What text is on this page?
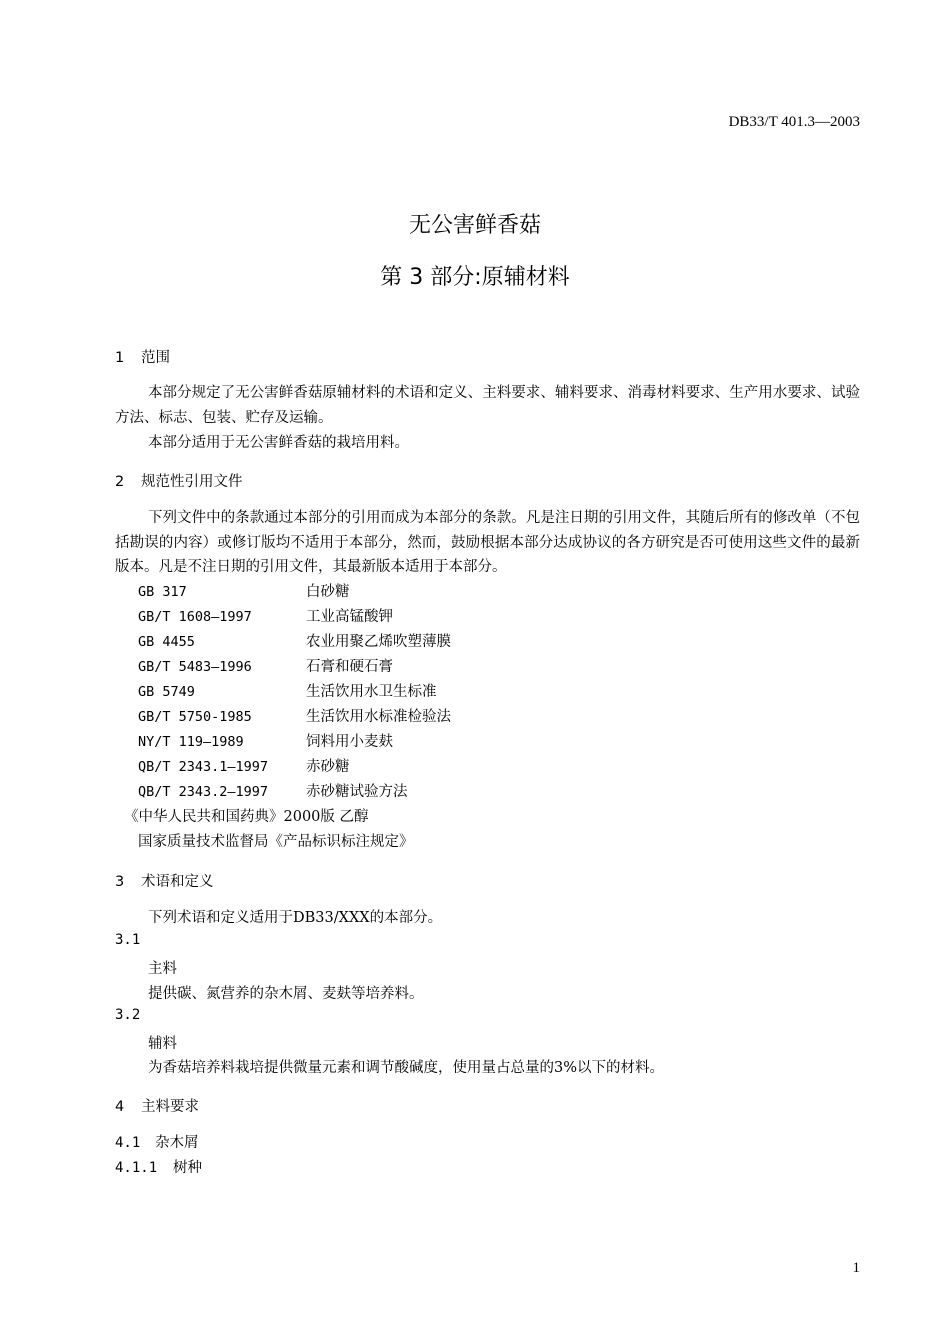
DB33/T 401.3—2003
无公害鲜香菇
第 3 部分:原辅材料
1 范围
本部分规定了无公害鲜香菇原辅材料的术语和定义、主料要求、辅料要求、消毒材料要求、生产用水要求、试验方法、标志、包装、贮存及运输。
本部分适用于无公害鲜香菇的栽培用料。
2 规范性引用文件
下列文件中的条款通过本部分的引用而成为本部分的条款。凡是注日期的引用文件，其随后所有的修改单（不包括勘误的内容）或修订版均不适用于本部分，然而，鼓励根据本部分达成协议的各方研究是否可使用这些文件的最新版本。凡是不注日期的引用文件，其最新版本适用于本部分。
GB 317	白砂糖
GB/T 1608—1997	工业高锰酸钾
GB 4455	农业用聚乙烯吹塑薄膜
GB/T 5483—1996	石膏和硬石膏
GB 5749	生活饮用水卫生标准
GB/T 5750-1985	生活饮用水标准检验法
NY/T 119—1989	饲料用小麦麸
QB/T 2343.1—1997	赤砂糖
QB/T 2343.2—1997	赤砂糖试验方法
《中华人民共和国药典》2000版 乙醇
国家质量技术监督局《产品标识标注规定》
3 术语和定义
下列术语和定义适用于DB33/XXX的本部分。
3.1
主料
提供碳、氮营养的杂木屑、麦麸等培养料。
3.2
辅料
为香菇培养料栽培提供微量元素和调节酸碱度，使用量占总量的3%以下的材料。
4 主料要求
4.1 杂木屑
4.1.1 树种
1
